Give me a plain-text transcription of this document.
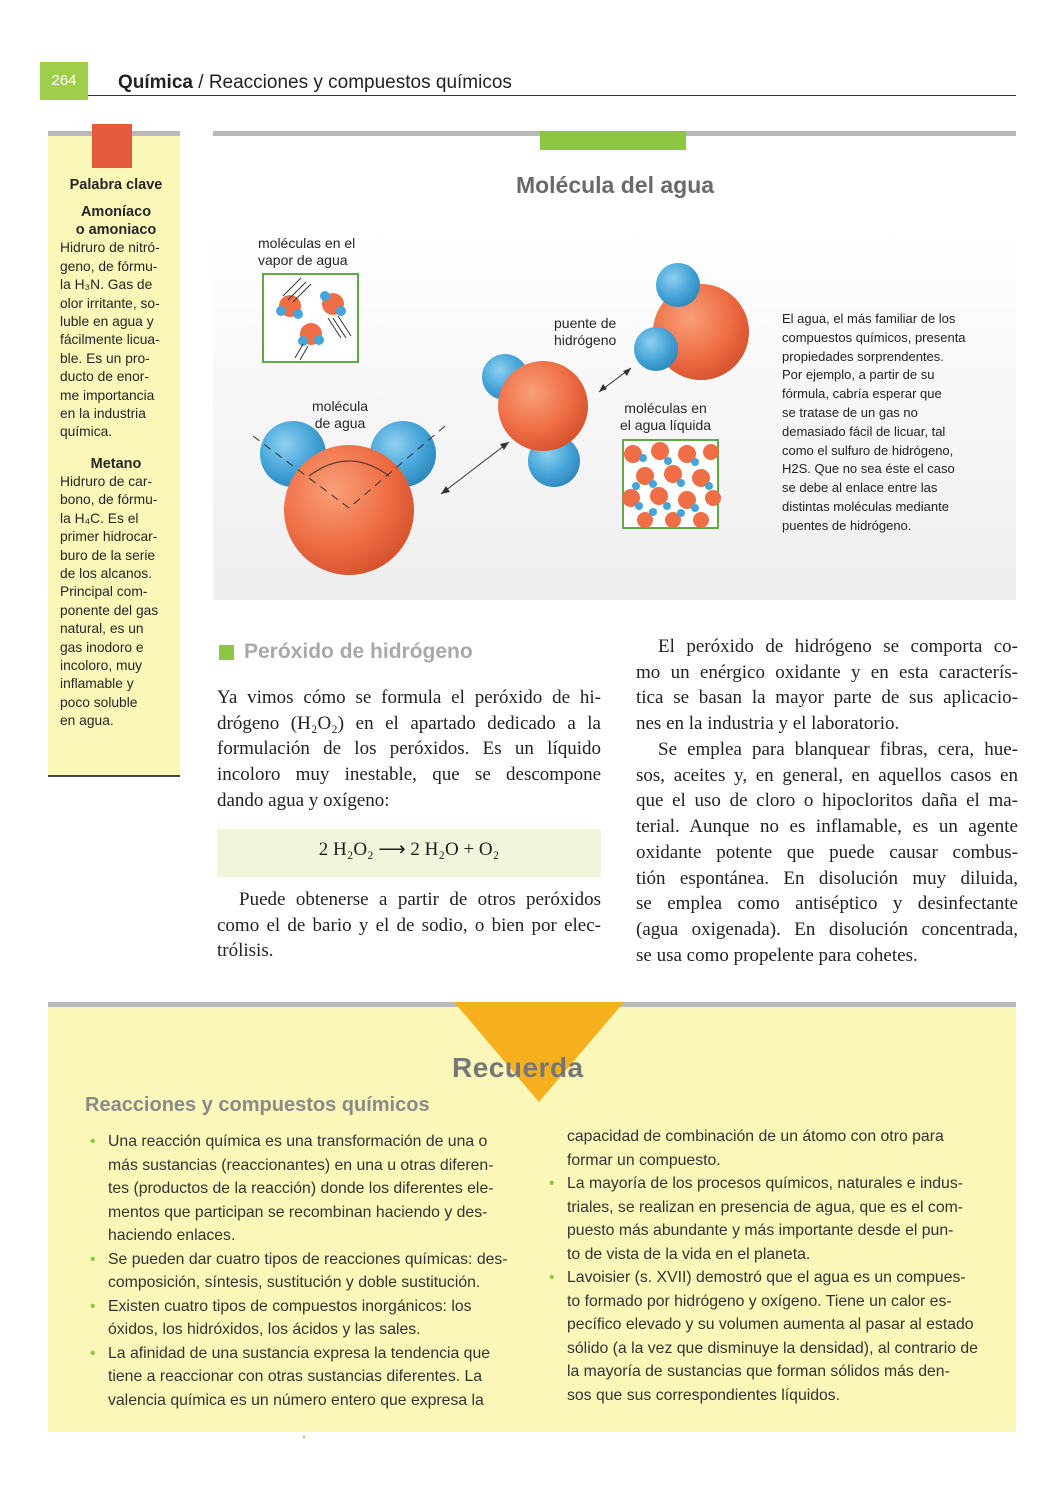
264	Química / Reacciones y compuestos químicos
Palabra clave
Amoníaco
o amoniaco
Hidruro de nitró-
geno, de fórmu-
la H₃N. Gas de
olor irritante, so-
luble en agua y
fácilmente licua-
ble. Es un pro-
ducto de enor-
me importancia
en la industria
química.
Metano
Hidruro de car-
bono, de fórmu-
la H₄C. Es el
primer hidrocar-
buro de la serie
de los alcanos.
Principal com-
ponente del gas
natural, es un
gas inodoro e
incoloro, muy
inflamable y
poco soluble
en agua.
Molécula del agua
moléculas en el
vapor de agua
molécula
de agua
puente de
hidrógeno
moléculas en
el agua líquida
El agua, el más familiar de los
compuestos químicos, presenta
propiedades sorprendentes.
Por ejemplo, a partir de su
fórmula, cabría esperar que
se tratase de un gas no
demasiado fácil de licuar, tal
como el sulfuro de hidrógeno,
H2S. Que no sea éste el caso
se debe al enlace entre las
distintas moléculas mediante
puentes de hidrógeno.
Peróxido de hidrógeno
Ya vimos cómo se formula el peróxido de hi-
drógeno (H₂O₂) en el apartado dedicado a la
formulación de los peróxidos. Es un líquido
incoloro muy inestable, que se descompone
dando agua y oxígeno:
2 H₂O₂ ⟶ 2 H₂O + O₂
Puede obtenerse a partir de otros peróxidos
como el de bario y el de sodio, o bien por elec-
trólisis.
El peróxido de hidrógeno se comporta co-
mo un enérgico oxidante y en esta caracterís-
tica se basan la mayor parte de sus aplicacio-
nes en la industria y el laboratorio.
Se emplea para blanquear fibras, cera, hue-
sos, aceites y, en general, en aquellos casos en
que el uso de cloro o hipocloritos daña el ma-
terial. Aunque no es inflamable, es un agente
oxidante potente que puede causar combus-
tión espontánea. En disolución muy diluida,
se emplea como antiséptico y desinfectante
(agua oxigenada). En disolución concentrada,
se usa como propelente para cohetes.
Recuerda
Reacciones y compuestos químicos
• Una reacción química es una transformación de una o
más sustancias (reaccionantes) en una u otras diferen-
tes (productos de la reacción) donde los diferentes ele-
mentos que participan se recombinan haciendo y des-
haciendo enlaces.
• Se pueden dar cuatro tipos de reacciones químicas: des-
composición, síntesis, sustitución y doble sustitución.
• Existen cuatro tipos de compuestos inorgánicos: los
óxidos, los hidróxidos, los ácidos y las sales.
• La afinidad de una sustancia expresa la tendencia que
tiene a reaccionar con otras sustancias diferentes. La
valencia química es un número entero que expresa la
capacidad de combinación de un átomo con otro para
formar un compuesto.
• La mayoría de los procesos químicos, naturales e indus-
triales, se realizan en presencia de agua, que es el com-
puesto más abundante y más importante desde el pun-
to de vista de la vida en el planeta.
• Lavoisier (s. XVII) demostró que el agua es un compues-
to formado por hidrógeno y oxígeno. Tiene un calor es-
pecífico elevado y su volumen aumenta al pasar al estado
sólido (a la vez que disminuye la densidad), al contrario de
la mayoría de sustancias que forman sólidos más den-
sos que sus correspondientes líquidos.
